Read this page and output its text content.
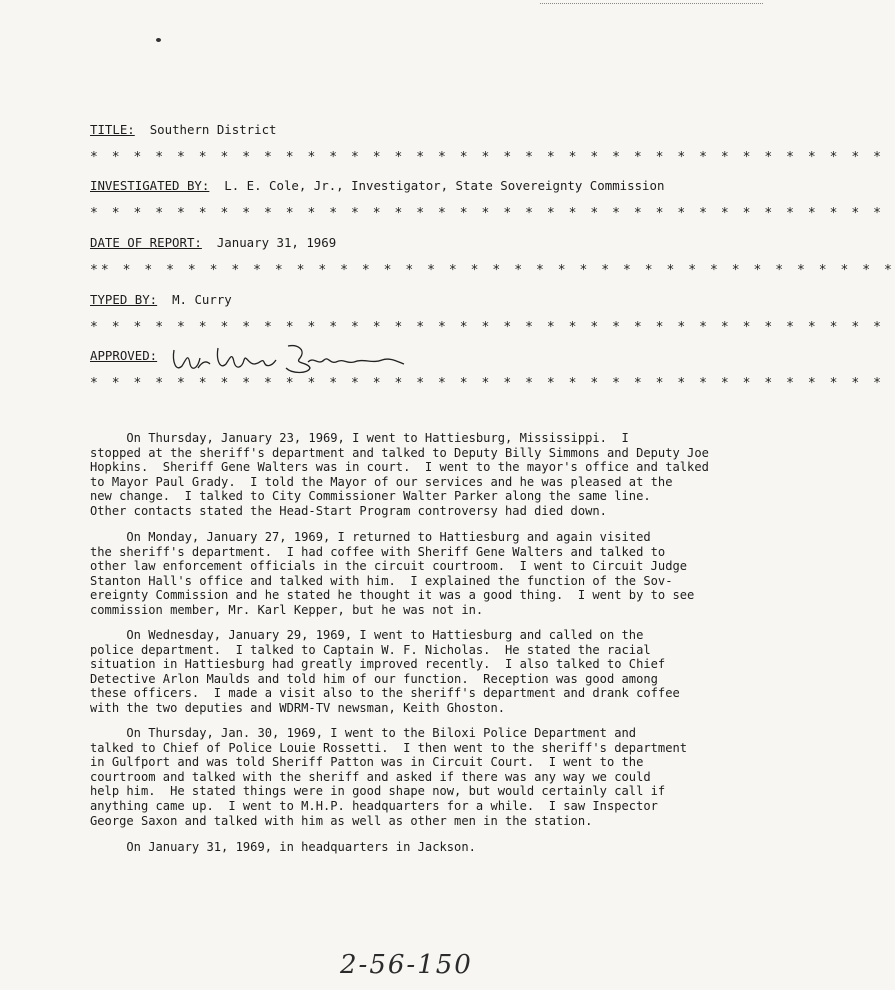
TITLE: Southern District
* * * * * * * * * * * * * * * * * * * * * * * * * * * * * * * * * * * * *
INVESTIGATED BY: L. E. Cole, Jr., Investigator, State Sovereignty Commission
* * * * * * * * * * * * * * * * * * * * * * * * * * * * * * * * * * * * *
DATE OF REPORT: January 31, 1969
** * * * * * * * * * * * * * * * * * * * * * * * * * * * * * * * * * * * *
TYPED BY: M. Curry
* * * * * * * * * * * * * * * * * * * * * * * * * * * * * * * * * * * * *
APPROVED:
* * * * * * * * * * * * * * * * * * * * * * * * * * * * * * * * * * * * *

On Thursday, January 23, 1969, I went to Hattiesburg, Mississippi.  I

stopped at the sheriff's department and talked to Deputy Billy Simmons and Deputy Joe

Hopkins.  Sheriff Gene Walters was in court.  I went to the mayor's office and talked

to Mayor Paul Grady.  I told the Mayor of our services and he was pleased at the

new change.  I talked to City Commissioner Walter Parker along the same line.

Other contacts stated the Head-Start Program controversy had died down.

On Monday, January 27, 1969, I returned to Hattiesburg and again visited

the sheriff's department.  I had coffee with Sheriff Gene Walters and talked to

other law enforcement officials in the circuit courtroom.  I went to Circuit Judge

Stanton Hall's office and talked with him.  I explained the function of the Sov-

ereignty Commission and he stated he thought it was a good thing.  I went by to see

commission member, Mr. Karl Kepper, but he was not in.

On Wednesday, January 29, 1969, I went to Hattiesburg and called on the

police department.  I talked to Captain W. F. Nicholas.  He stated the racial

situation in Hattiesburg had greatly improved recently.  I also talked to Chief

Detective Arlon Maulds and told him of our function.  Reception was good among

these officers.  I made a visit also to the sheriff's department and drank coffee

with the two deputies and WDRM-TV newsman, Keith Ghoston.

On Thursday, Jan. 30, 1969, I went to the Biloxi Police Department and

talked to Chief of Police Louie Rossetti.  I then went to the sheriff's department

in Gulfport and was told Sheriff Patton was in Circuit Court.  I went to the

courtroom and talked with the sheriff and asked if there was any way we could

help him.  He stated things were in good shape now, but would certainly call if

anything came up.  I went to M.H.P. headquarters for a while.  I saw Inspector

George Saxon and talked with him as well as other men in the station.

On January 31, 1969, in headquarters in Jackson.

2-56-150
